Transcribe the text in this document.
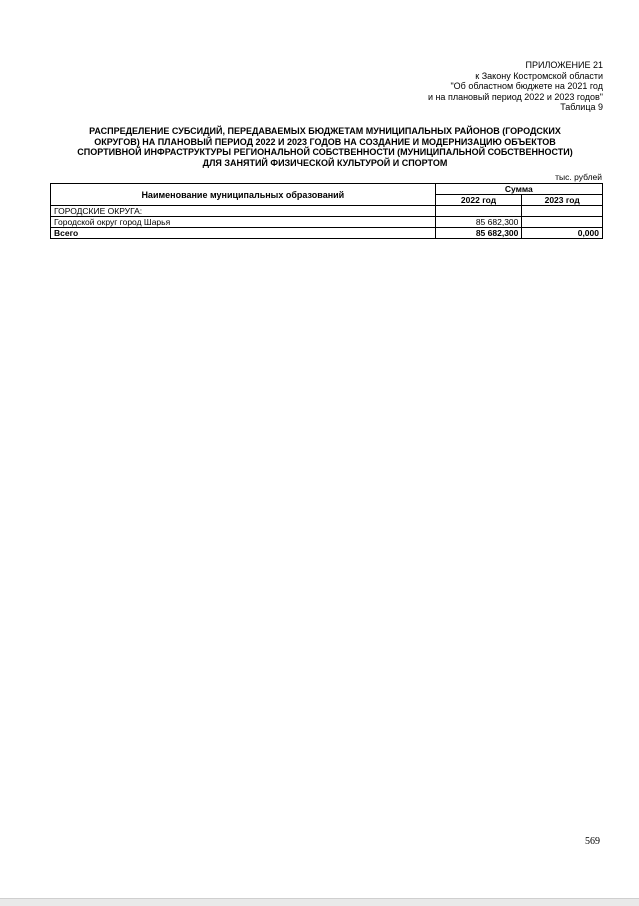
ПРИЛОЖЕНИЕ 21
к Закону Костромской области
"Об областном бюджете на 2021 год
и на плановый период 2022 и 2023 годов"
Таблица 9
РАСПРЕДЕЛЕНИЕ СУБСИДИЙ, ПЕРЕДАВАЕМЫХ БЮДЖЕТАМ МУНИЦИПАЛЬНЫХ РАЙОНОВ (ГОРОДСКИХ
ОКРУГОВ) НА ПЛАНОВЫЙ ПЕРИОД 2022 И 2023 ГОДОВ НА СОЗДАНИЕ И МОДЕРНИЗАЦИЮ ОБЪЕКТОВ
СПОРТИВНОЙ ИНФРАСТРУКТУРЫ РЕГИОНАЛЬНОЙ СОБСТВЕННОСТИ (МУНИЦИПАЛЬНОЙ СОБСТВЕННОСТИ)
ДЛЯ ЗАНЯТИЙ ФИЗИЧЕСКОЙ КУЛЬТУРОЙ И СПОРТОМ
тыс. рублей
Наименование муниципальных образований	Сумма	
	2022 год	2023 год
ГОРОДСКИЕ ОКРУГА:		
Городской округ город Шарья	85 682,300	
Всего	85 682,300	0,000
569
